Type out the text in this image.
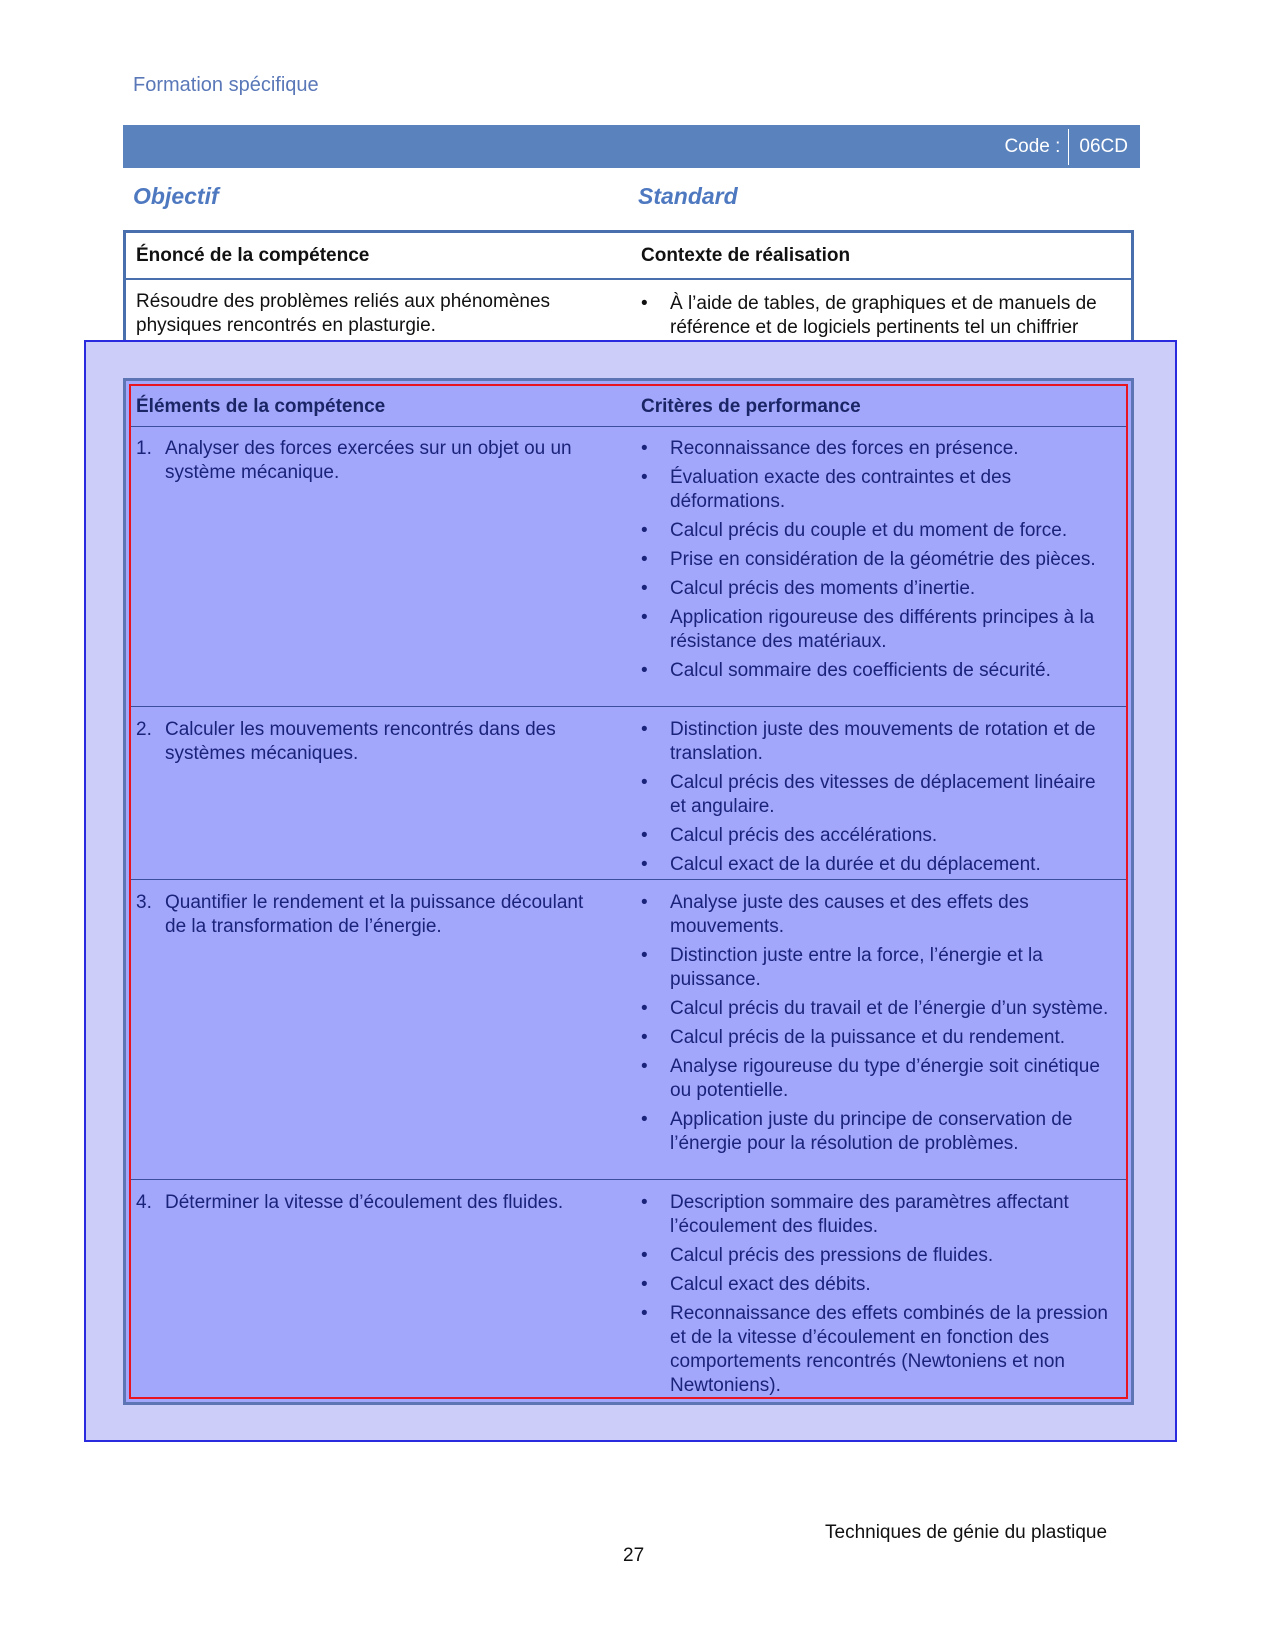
Formation spécifique
Code :	06CD
Objectif	Standard
Énoncé de la compétence	Contexte de réalisation
Résoudre des problèmes reliés aux phénomènes physiques rencontrés en plasturgie.
• À l’aide de tables, de graphiques et de manuels de référence et de logiciels pertinents tel un chiffrier
Éléments de la compétence	Critères de performance
1. Analyser des forces exercées sur un objet ou un système mécanique.
• Reconnaissance des forces en présence.
• Évaluation exacte des contraintes et des déformations.
• Calcul précis du couple et du moment de force.
• Prise en considération de la géométrie des pièces.
• Calcul précis des moments d’inertie.
• Application rigoureuse des différents principes à la résistance des matériaux.
• Calcul sommaire des coefficients de sécurité.
2. Calculer les mouvements rencontrés dans des systèmes mécaniques.
• Distinction juste des mouvements de rotation et de translation.
• Calcul précis des vitesses de déplacement linéaire et angulaire.
• Calcul précis des accélérations.
• Calcul exact de la durée et du déplacement.
3. Quantifier le rendement et la puissance découlant de la transformation de l’énergie.
• Analyse juste des causes et des effets des mouvements.
• Distinction juste entre la force, l’énergie et la puissance.
• Calcul précis du travail et de l’énergie d’un système.
• Calcul précis de la puissance et du rendement.
• Analyse rigoureuse du type d’énergie soit cinétique ou potentielle.
• Application juste du principe de conservation de l’énergie pour la résolution de problèmes.
4. Déterminer la vitesse d’écoulement des fluides.
•	Description sommaire des paramètres affectant l’écoulement des fluides.
• Calcul précis des pressions de fluides.
• Calcul exact des débits.
• Reconnaissance des effets combinés de la pression et de la vitesse d’écoulement en fonction des comportements rencontrés (Newtoniens et non Newtoniens).
Techniques de génie du plastique
27
